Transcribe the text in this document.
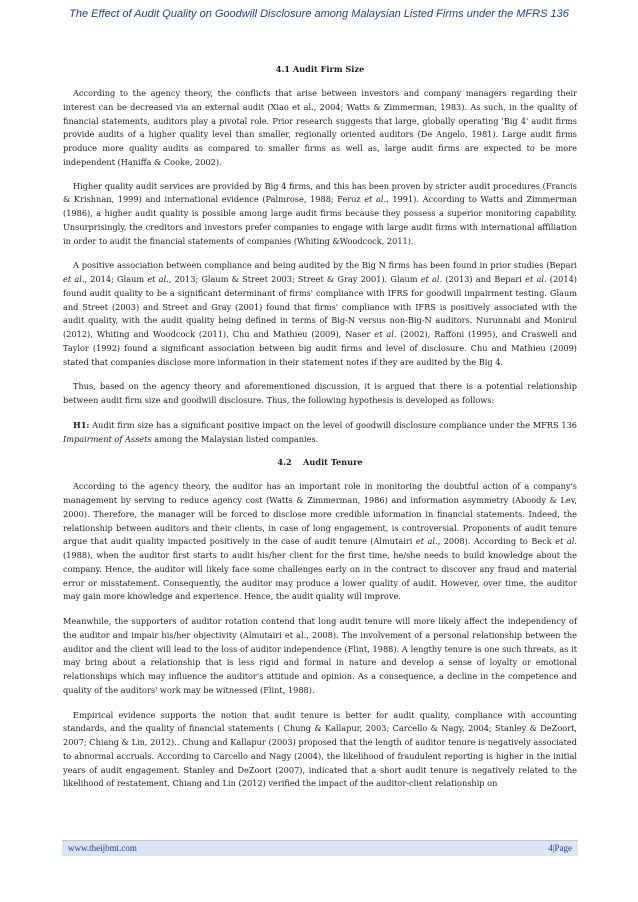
The Effect of Audit Quality on Goodwill Disclosure among Malaysian Listed Firms under the MFRS 136
4.1 Audit Firm Size

According to the agency theory, the conflicts that arise between investors and company managers regarding their interest can be decreased via an external audit (Xiao et al., 2004; Watts & Zimmerman, 1983). As such, in the quality of financial statements, auditors play a pivotal role. Prior research suggests that large, globally operating 'Big 4' audit firms provide audits of a higher quality level than smaller, regionally oriented auditors (De Angelo, 1981). Large audit firms produce more quality audits as compared to smaller firms as well as, large audit firms are expected to be more independent (Haniffa & Cooke, 2002).

Higher quality audit services are provided by Big 4 firms, and this has been proven by stricter audit procedures (Francis & Krishnan, 1999) and international evidence (Palmrose, 1988; Feroz et al., 1991). According to Watts and Zimmerman (1986), a higher audit quality is possible among large audit firms because they possess a superior monitoring capability. Unsurprisingly, the creditors and investors prefer companies to engage with large audit firms with international affiliation in order to audit the financial statements of companies (Whiting &Woodcock, 2011).

A positive association between compliance and being audited by the Big N firms has been found in prior studies (Bepari et al., 2014; Glaum et al., 2013; Glaum & Street 2003; Street & Gray 2001). Glaum et al. (2013) and Bepari et al. (2014) found audit quality to be a significant determinant of firms' compliance with IFRS for goodwill impairment testing. Glaum and Street (2003) and Street and Gray (2001) found that firms' compliance with IFRS is positively associated with the audit quality, with the audit quality being defined in terms of Big-N versus non-Big-N auditors. Nurunnabi and Monirul (2012), Whiting and Woodcock (2011), Chu and Mathieu (2009), Naser et al. (2002), Raffoni (1995), and Craswell and Taylor (1992) found a significant association between big audit firms and level of disclosure. Chu and Mathieu (2009) stated that companies disclose more information in their statement notes if they are audited by the Big 4.

Thus, based on the agency theory and aforementioned discussion, it is argued that there is a potential relationship between audit firm size and goodwill disclosure. Thus, the following hypothesis is developed as follows:

H1: Audit firm size has a significant positive impact on the level of goodwill disclosure compliance under the MFRS 136 Impairment of Assets among the Malaysian listed companies.

4.2 Audit Tenure

According to the agency theory, the auditor has an important role in monitoring the doubtful action of a company's management by serving to reduce agency cost (Watts & Zimmerman, 1986) and information asymmetry (Aboody & Lev, 2000). Therefore, the manager will be forced to disclose more credible information in financial statements. Indeed, the relationship between auditors and their clients, in case of long engagement, is controversial. Proponents of audit tenure argue that audit quality impacted positively in the case of audit tenure (Almutairi et al., 2008). According to Beck et al. (1988), when the auditor first starts to audit his/her client for the first time, he/she needs to build knowledge about the company. Hence, the auditor will likely face some challenges early on in the contract to discover any fraud and material error or misstatement. Consequently, the auditor may produce a lower quality of audit. However, over time, the auditor may gain more knowledge and experience. Hence, the audit quality will improve.

Meanwhile, the supporters of auditor rotation contend that long audit tenure will more likely affect the independency of the auditor and impair his/her objectivity (Almutairi et al., 2008). The involvement of a personal relationship between the auditor and the client will lead to the loss of auditor independence (Flint, 1988). A lengthy tenure is one such threats, as it may bring about a relationship that is less rigid and formal in nature and develop a sense of loyalty or emotional relationships which may influence the auditor's attitude and opinion. As a consequence, a decline in the competence and quality of the auditors' work may be witnessed (Flint, 1988).

Empirical evidence supports the notion that audit tenure is better for audit quality, compliance with accounting standards, and the quality of financial statements ( Chung & Kallapur, 2003; Carcello & Nagy, 2004; Stanley & DeZoort, 2007; Chiang & Lin, 2012).. Chung and Kallapur (2003) proposed that the length of auditor tenure is negatively associated to abnormal accruals. According to Carcello and Nagy (2004), the likelihood of fraudulent reporting is higher in the initial years of audit engagement. Stanley and DeZoort (2007), indicated that a short audit tenure is negatively related to the likelihood of restatement. Chiang and Lin (2012) verified the impact of the auditor-client relationship on

www.theijbmt.com	4|Page
